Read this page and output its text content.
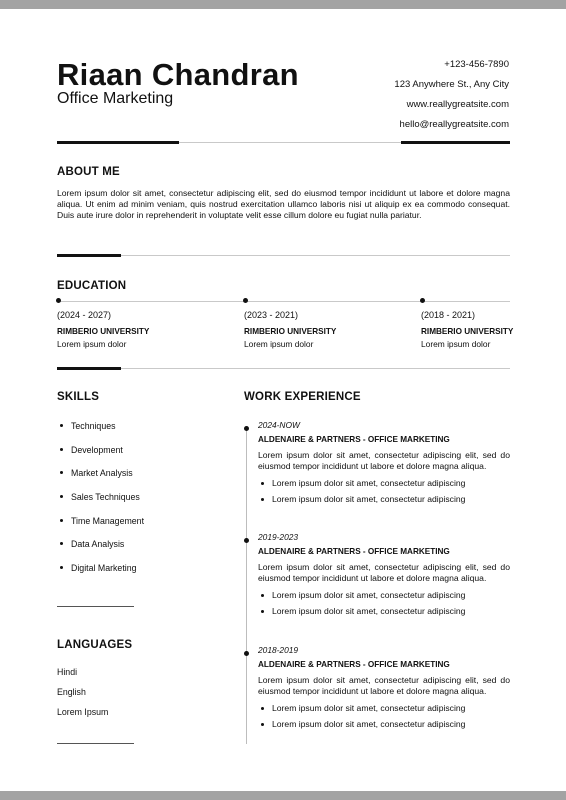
Riaan Chandran
Office Marketing
+123-456-7890
123 Anywhere St., Any City
www.reallygreatsite.com
hello@reallygreatsite.com
ABOUT ME
Lorem ipsum dolor sit amet, consectetur adipiscing elit, sed do eiusmod tempor incididunt ut labore et dolore magna aliqua. Ut enim ad minim veniam, quis nostrud exercitation ullamco laboris nisi ut aliquip ex ea commodo consequat. Duis aute irure dolor in reprehenderit in voluptate velit esse cillum dolore eu fugiat nulla pariatur.
EDUCATION
(2024 - 2027)
RIMBERIO UNIVERSITY
Lorem ipsum dolor
(2023 - 2021)
RIMBERIO UNIVERSITY
Lorem ipsum dolor
(2018 - 2021)
RIMBERIO UNIVERSITY
Lorem ipsum dolor
SKILLS
Techniques
Development
Market Analysis
Sales Techniques
Time Management
Data Analysis
Digital Marketing
LANGUAGES
Hindi
English
Lorem Ipsum
WORK EXPERIENCE
2024-NOW
ALDENAIRE & PARTNERS - OFFICE MARKETING
Lorem ipsum dolor sit amet, consectetur adipiscing elit, sed do eiusmod tempor incididunt ut labore et dolore magna aliqua.
Lorem ipsum dolor sit amet, consectetur adipiscing
Lorem ipsum dolor sit amet, consectetur adipiscing
2019-2023
ALDENAIRE & PARTNERS - OFFICE MARKETING
Lorem ipsum dolor sit amet, consectetur adipiscing elit, sed do eiusmod tempor incididunt ut labore et dolore magna aliqua.
Lorem ipsum dolor sit amet, consectetur adipiscing
Lorem ipsum dolor sit amet, consectetur adipiscing
2018-2019
ALDENAIRE & PARTNERS - OFFICE MARKETING
Lorem ipsum dolor sit amet, consectetur adipiscing elit, sed do eiusmod tempor incididunt ut labore et dolore magna aliqua.
Lorem ipsum dolor sit amet, consectetur adipiscing
Lorem ipsum dolor sit amet, consectetur adipiscing
